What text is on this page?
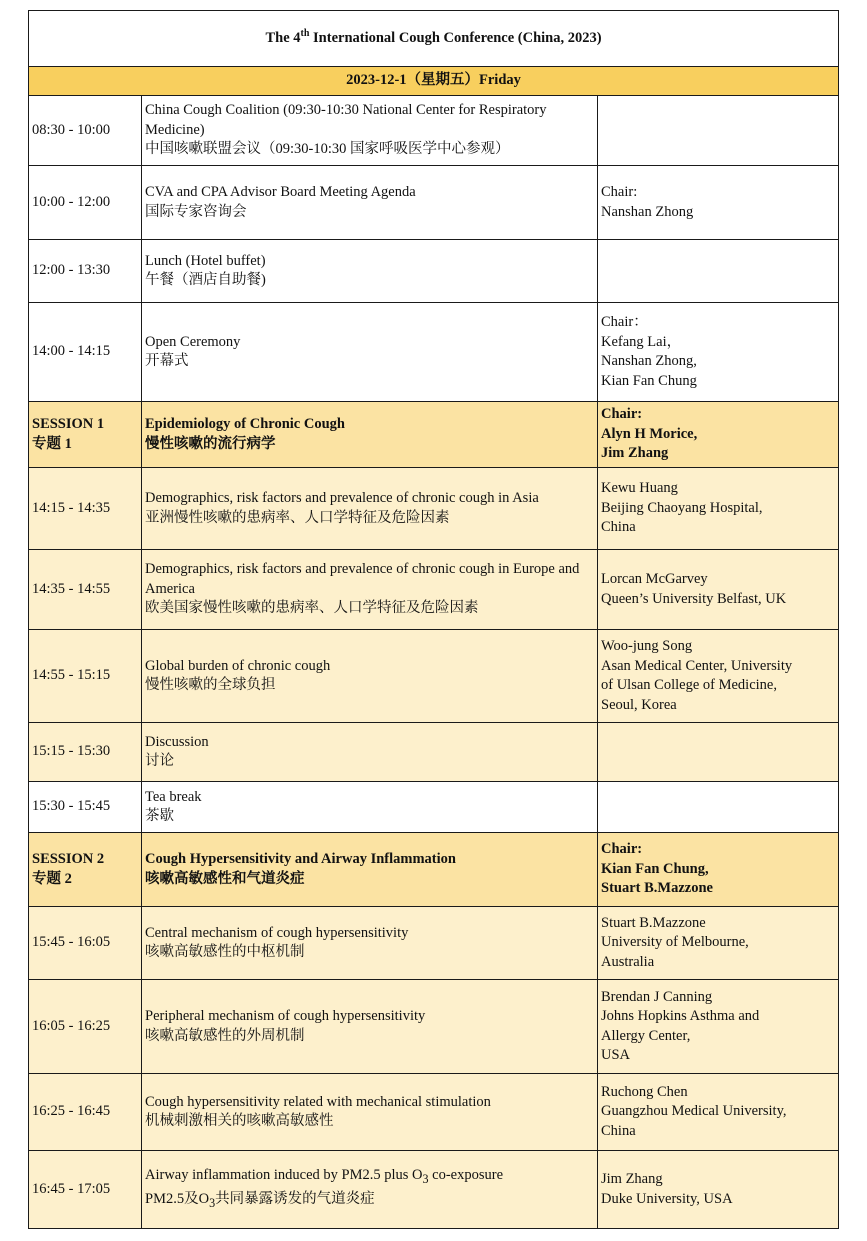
The 4th International Cough Conference (China, 2023)		
2023-12-1（星期五）Friday		
08:30 - 10:00	China Cough Coalition (09:30-10:30 National Center for Respiratory Medicine)
中国咳嗽联盟会议（09:30-10:30 国家呼吸医学中心参观）	

10:00 - 12:00	CVA and CPA Advisor Board Meeting Agenda
国际专家咨询会	Chair:
Nanshan Zhong

12:00 - 13:30	Lunch (Hotel buffet)
午餐（酒店自助餐)	

14:00 - 14:15	Open Ceremony
开幕式	Chair：
Kefang Lai，
Nanshan Zhong,
Kian Fan Chung

SESSION 1
专题 1	Epidemiology of Chronic Cough
慢性咳嗽的流行病学	Chair:
Alyn H Morice,
Jim Zhang

14:15 - 14:35	Demographics, risk factors and prevalence of chronic cough in Asia
亚洲慢性咳嗽的患病率、人口学特征及危险因素	Kewu Huang
Beijing Chaoyang Hospital,
China

14:35 - 14:55	Demographics, risk factors and prevalence of chronic cough in Europe and America
欧美国家慢性咳嗽的患病率、人口学特征及危险因素	Lorcan McGarvey
Queen’s University Belfast, UK

14:55 - 15:15	Global burden of chronic cough
慢性咳嗽的全球负担	Woo-jung Song
Asan Medical Center, University
of Ulsan College of Medicine,
Seoul, Korea

15:15 - 15:30	Discussion
讨论	

15:30 - 15:45	Tea break
茶歇	

SESSION 2
专题 2	Cough Hypersensitivity and Airway Inflammation
咳嗽高敏感性和气道炎症	Chair:
Kian Fan Chung,
Stuart B.Mazzone

15:45 - 16:05	Central mechanism of cough hypersensitivity
咳嗽高敏感性的中枢机制	Stuart B.Mazzone
University of Melbourne,
Australia

16:05 - 16:25	Peripheral mechanism of cough hypersensitivity
咳嗽高敏感性的外周机制	Brendan J Canning
Johns Hopkins Asthma and
Allergy Center,
USA

16:25 - 16:45	Cough hypersensitivity related with mechanical stimulation
机械刺激相关的咳嗽高敏感性	Ruchong Chen
Guangzhou Medical University,
China

16:45 - 17:05	Airway inflammation induced by PM2.5 plus $O_3$ co-exposure
PM2.5及$O_3$共同暴露诱发的气道炎症	Jim Zhang
Duke University, USA
